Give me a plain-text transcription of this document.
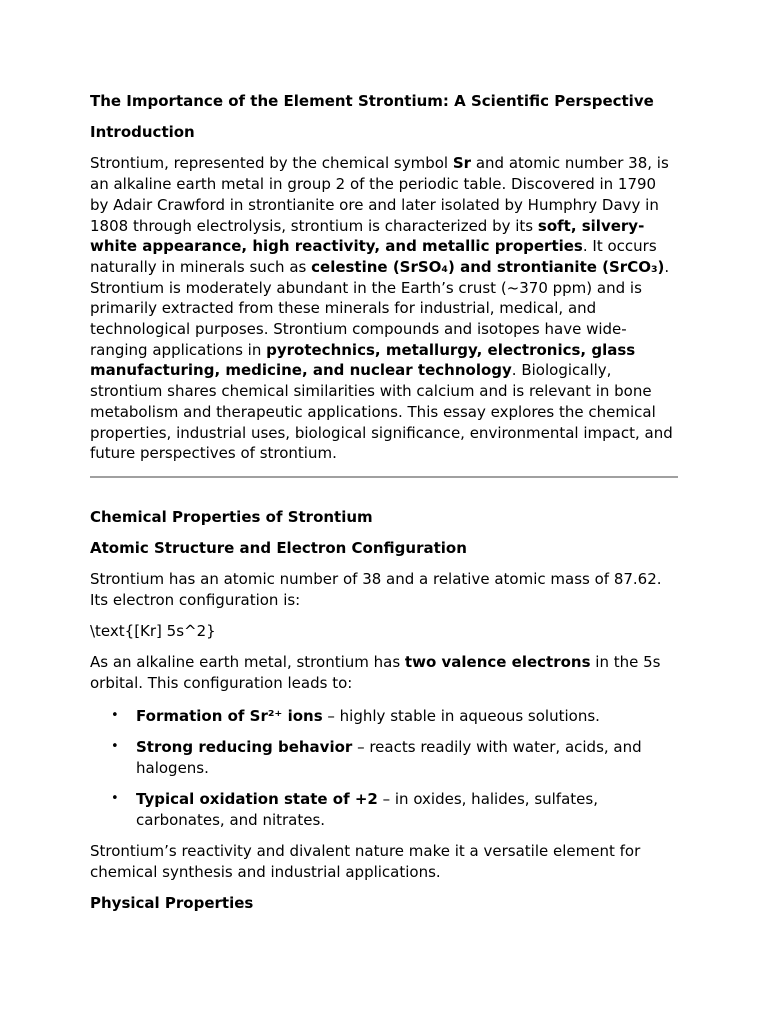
The Importance of the Element Strontium: A Scientific Perspective
Introduction

Strontium, represented by the chemical symbol Sr and atomic number 38, is an alkaline earth metal in group 2 of the periodic table. Discovered in 1790 by Adair Crawford in strontianite ore and later isolated by Humphry Davy in 1808 through electrolysis, strontium is characterized by its soft, silvery-white appearance, high reactivity, and metallic properties. It occurs naturally in minerals such as celestine (SrSO₄) and strontianite (SrCO₃). Strontium is moderately abundant in the Earth’s crust (~370 ppm) and is primarily extracted from these minerals for industrial, medical, and technological purposes. Strontium compounds and isotopes have wide-ranging applications in pyrotechnics, metallurgy, electronics, glass manufacturing, medicine, and nuclear technology. Biologically, strontium shares chemical similarities with calcium and is relevant in bone metabolism and therapeutic applications. This essay explores the chemical properties, industrial uses, biological significance, environmental impact, and future perspectives of strontium.

Chemical Properties of Strontium
Atomic Structure and Electron Configuration

Strontium has an atomic number of 38 and a relative atomic mass of 87.62. Its electron configuration is:

\text{[Kr] 5s^2}

As an alkaline earth metal, strontium has two valence electrons in the 5s orbital. This configuration leads to:

• Formation of Sr²⁺ ions – highly stable in aqueous solutions.
• Strong reducing behavior – reacts readily with water, acids, and halogens.
• Typical oxidation state of +2 – in oxides, halides, sulfates, carbonates, and nitrates.

Strontium’s reactivity and divalent nature make it a versatile element for chemical synthesis and industrial applications.

Physical Properties
